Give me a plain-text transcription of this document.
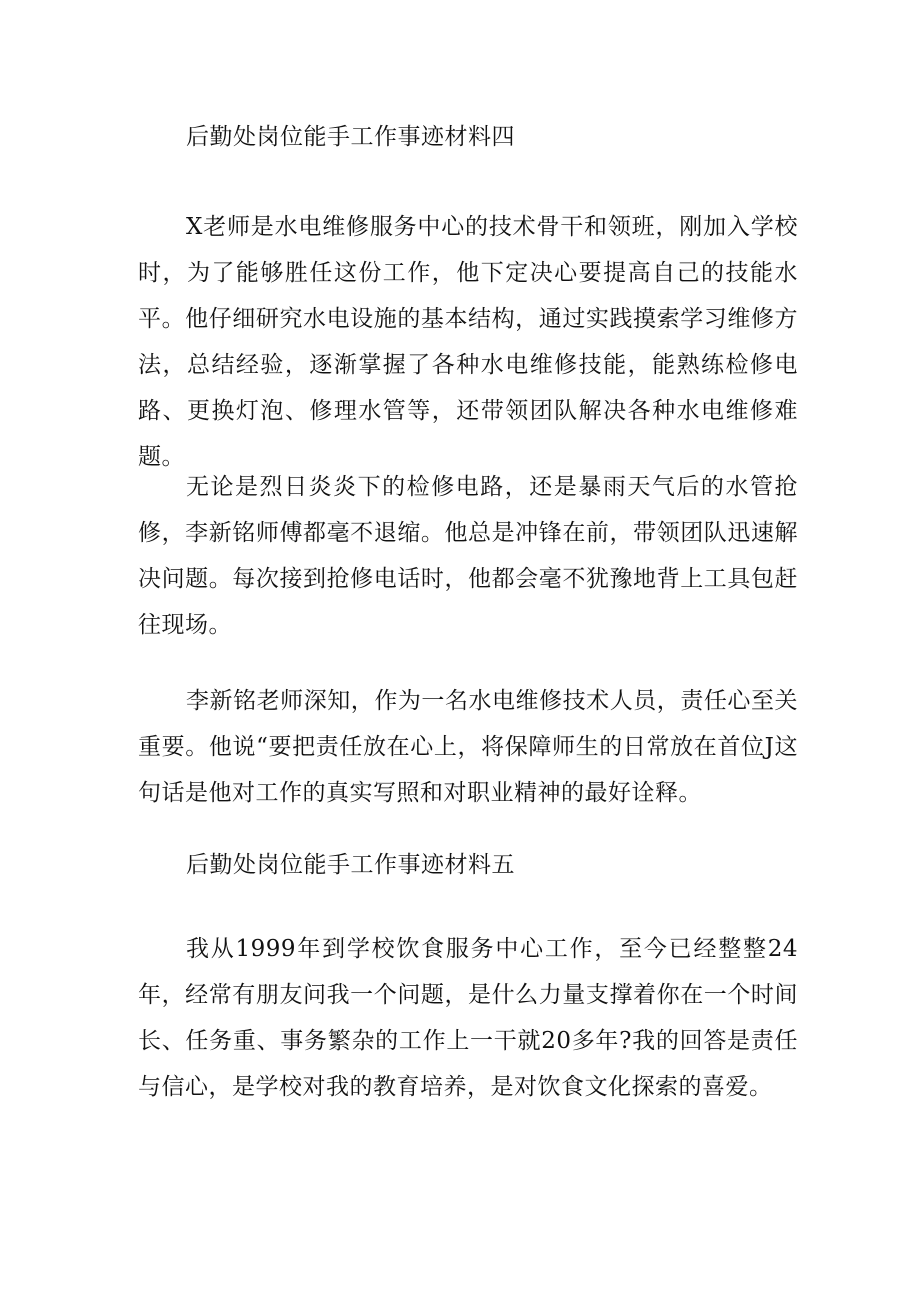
后勤处岗位能手工作事迹材料四

X老师是水电维修服务中心的技术骨干和领班，刚加入学校时，为了能够胜任这份工作，他下定决心要提高自己的技能水平。他仔细研究水电设施的基本结构，通过实践摸索学习维修方法，总结经验，逐渐掌握了各种水电维修技能，能熟练检修电路、更换灯泡、修理水管等，还带领团队解决各种水电维修难题。

无论是烈日炎炎下的检修电路，还是暴雨天气后的水管抢修，李新铭师傅都毫不退缩。他总是冲锋在前，带领团队迅速解决问题。每次接到抢修电话时，他都会毫不犹豫地背上工具包赶往现场。

李新铭老师深知，作为一名水电维修技术人员，责任心至关重要。他说“要把责任放在心上，将保障师生的日常放在首位J这句话是他对工作的真实写照和对职业精神的最好诠释。

后勤处岗位能手工作事迹材料五

我从1999年到学校饮食服务中心工作，至今已经整整24年，经常有朋友问我一个问题，是什么力量支撑着你在一个时间长、任务重、事务繁杂的工作上一干就20多年?我的回答是责任与信心，是学校对我的教育培养，是对饮食文化探索的喜爱。
